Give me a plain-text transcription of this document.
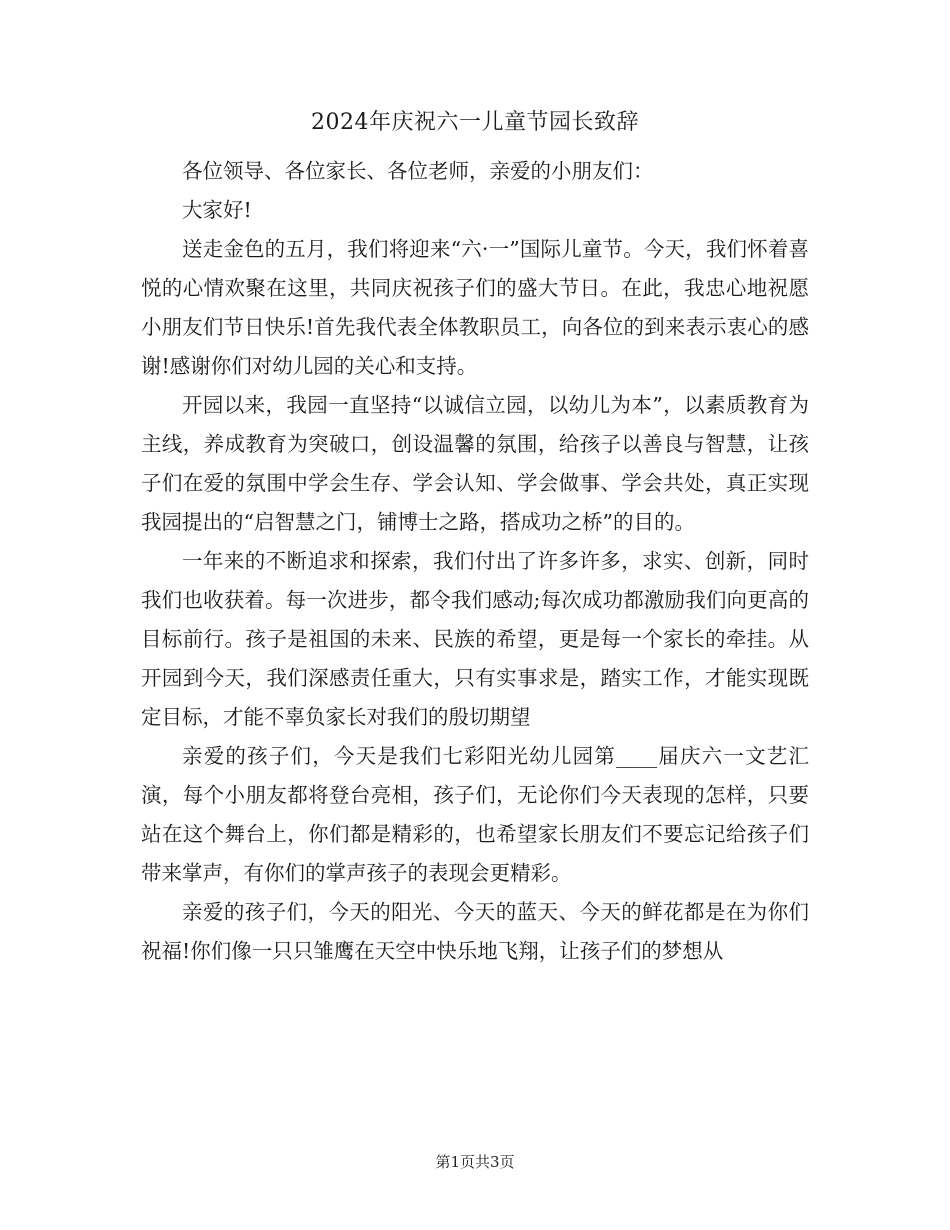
2024年庆祝六一儿童节园长致辞

各位领导、各位家长、各位老师，亲爱的小朋友们：

大家好!

送走金色的五月，我们将迎来“六·一”国际儿童节。今天，我们怀着喜悦的心情欢聚在这里，共同庆祝孩子们的盛大节日。在此，我忠心地祝愿小朋友们节日快乐!首先我代表全体教职员工，向各位的到来表示衷心的感谢!感谢你们对幼儿园的关心和支持。

开园以来，我园一直坚持“以诚信立园，以幼儿为本”，以素质教育为主线，养成教育为突破口，创设温馨的氛围，给孩子以善良与智慧，让孩子们在爱的氛围中学会生存、学会认知、学会做事、学会共处，真正实现我园提出的“启智慧之门，铺博士之路，搭成功之桥”的目的。

一年来的不断追求和探索，我们付出了许多许多，求实、创新，同时我们也收获着。每一次进步，都令我们感动;每次成功都激励我们向更高的目标前行。孩子是祖国的未来、民族的希望，更是每一个家长的牵挂。从开园到今天，我们深感责任重大，只有实事求是，踏实工作，才能实现既定目标，才能不辜负家长对我们的殷切期望

亲爱的孩子们，今天是我们七彩阳光幼儿园第____届庆六一文艺汇演，每个小朋友都将登台亮相，孩子们，无论你们今天表现的怎样，只要站在这个舞台上，你们都是精彩的，也希望家长朋友们不要忘记给孩子们带来掌声，有你们的掌声孩子的表现会更精彩。

亲爱的孩子们，今天的阳光、今天的蓝天、今天的鲜花都是在为你们祝福!你们像一只只雏鹰在天空中快乐地飞翔，让孩子们的梦想从

第1页共3页
